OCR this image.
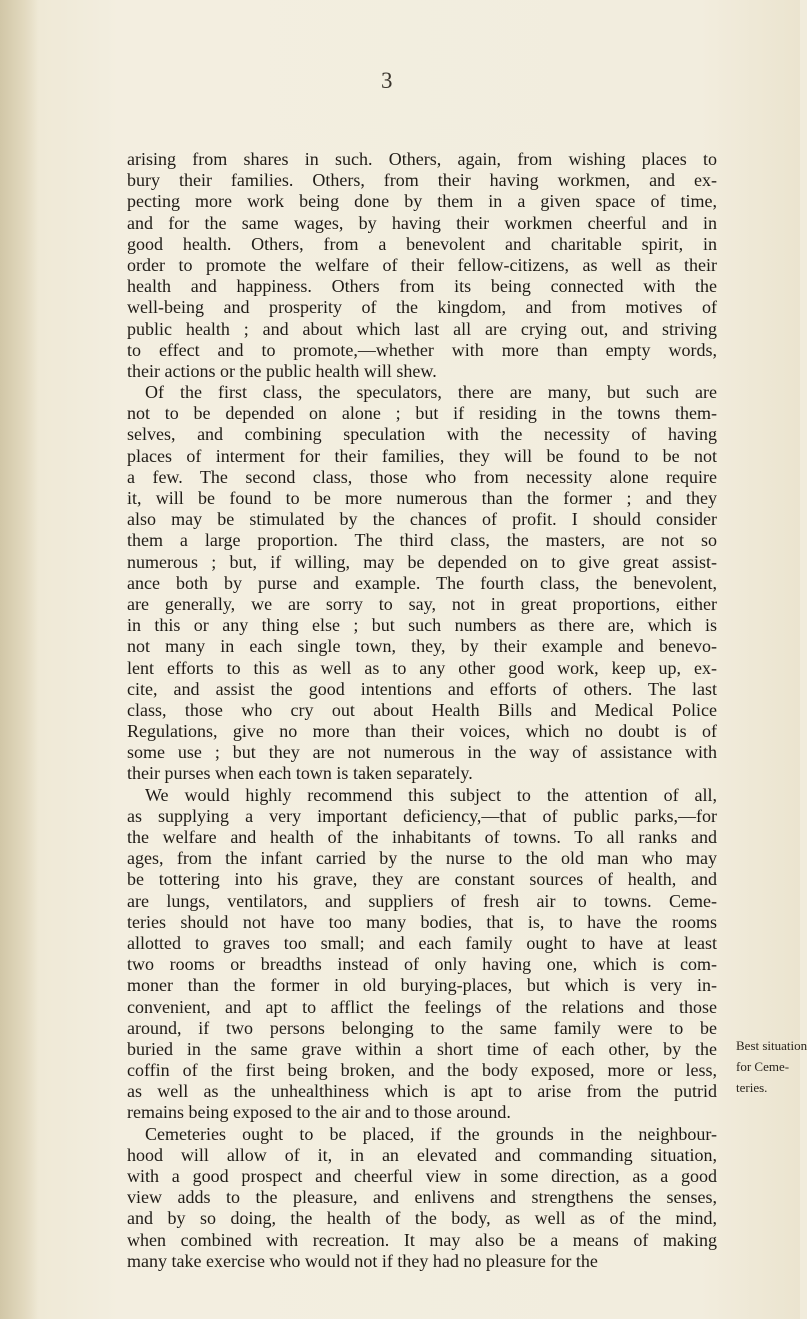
3
arising from shares in such. Others, again, from wishing places to
bury their families. Others, from their having workmen, and ex-
pecting more work being done by them in a given space of time,
and for the same wages, by having their workmen cheerful and in
good health. Others, from a benevolent and charitable spirit, in
order to promote the welfare of their fellow-citizens, as well as their
health and happiness. Others from its being connected with the
well-being and prosperity of the kingdom, and from motives of
public health ; and about which last all are crying out, and striving
to effect and to promote,—whether with more than empty words,
their actions or the public health will shew.
Of the first class, the speculators, there are many, but such are
not to be depended on alone ; but if residing in the towns them-
selves, and combining speculation with the necessity of having
places of interment for their families, they will be found to be not
a few. The second class, those who from necessity alone require
it, will be found to be more numerous than the former ; and they
also may be stimulated by the chances of profit. I should consider
them a large proportion. The third class, the masters, are not so
numerous ; but, if willing, may be depended on to give great assist-
ance both by purse and example. The fourth class, the benevolent,
are generally, we are sorry to say, not in great proportions, either
in this or any thing else ; but such numbers as there are, which is
not many in each single town, they, by their example and benevo-
lent efforts to this as well as to any other good work, keep up, ex-
cite, and assist the good intentions and efforts of others. The last
class, those who cry out about Health Bills and Medical Police
Regulations, give no more than their voices, which no doubt is of
some use ; but they are not numerous in the way of assistance with
their purses when each town is taken separately.
We would highly recommend this subject to the attention of all,
as supplying a very important deficiency,—that of public parks,—for
the welfare and health of the inhabitants of towns. To all ranks and
ages, from the infant carried by the nurse to the old man who may
be tottering into his grave, they are constant sources of health, and
are lungs, ventilators, and suppliers of fresh air to towns. Ceme-
teries should not have too many bodies, that is, to have the rooms
allotted to graves too small; and each family ought to have at least
two rooms or breadths instead of only having one, which is com-
moner than the former in old burying-places, but which is very in-
convenient, and apt to afflict the feelings of the relations and those
around, if two persons belonging to the same family were to be
buried in the same grave within a short time of each other, by the
coffin of the first being broken, and the body exposed, more or less,
as well as the unhealthiness which is apt to arise from the putrid
remains being exposed to the air and to those around.
Cemeteries ought to be placed, if the grounds in the neighbour-
hood will allow of it, in an elevated and commanding situation,
with a good prospect and cheerful view in some direction, as a good
view adds to the pleasure, and enlivens and strengthens the senses,
and by so doing, the health of the body, as well as of the mind,
when combined with recreation. It may also be a means of making
many take exercise who would not if they had no pleasure for the
Best situation
for Ceme-
teries.
